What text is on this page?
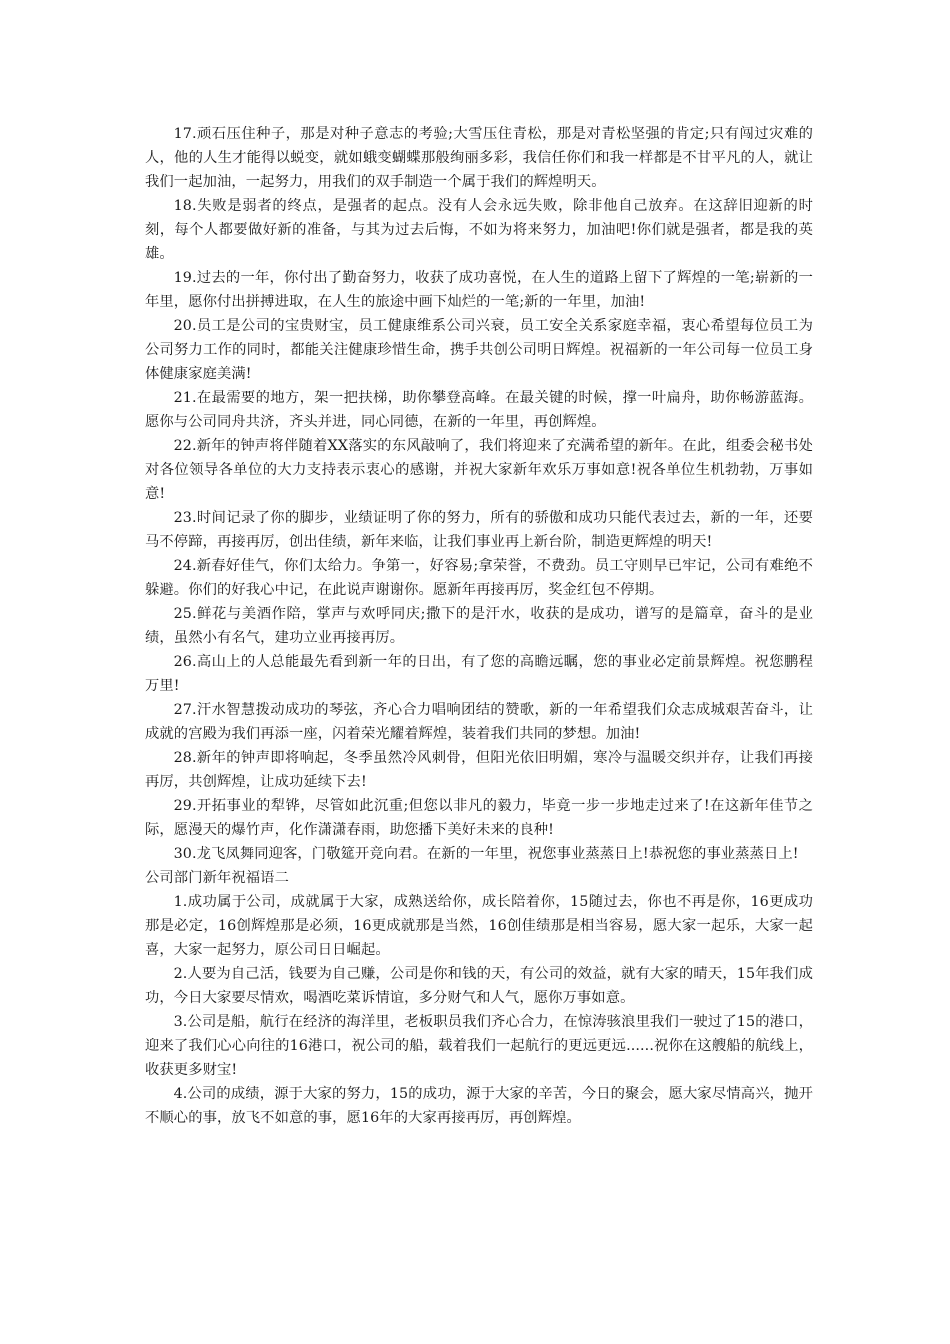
17.顽石压住种子，那是对种子意志的考验;大雪压住青松，那是对青松坚强的肯定;只有闯过灾难的人，他的人生才能得以蜕变，就如蛾变蝴蝶那般绚丽多彩，我信任你们和我一样都是不甘平凡的人，就让我们一起加油，一起努力，用我们的双手制造一个属于我们的辉煌明天。

18.失败是弱者的终点，是强者的起点。没有人会永远失败，除非他自己放弃。在这辞旧迎新的时刻，每个人都要做好新的准备，与其为过去后悔，不如为将来努力，加油吧!你们就是强者，都是我的英雄。

19.过去的一年，你付出了勤奋努力，收获了成功喜悦，在人生的道路上留下了辉煌的一笔;崭新的一年里，愿你付出拼搏进取，在人生的旅途中画下灿烂的一笔;新的一年里，加油!

20.员工是公司的宝贵财宝，员工健康维系公司兴衰，员工安全关系家庭幸福，衷心希望每位员工为公司努力工作的同时，都能关注健康珍惜生命，携手共创公司明日辉煌。祝福新的一年公司每一位员工身体健康家庭美满!

21.在最需要的地方，架一把扶梯，助你攀登高峰。在最关键的时候，撑一叶扁舟，助你畅游蓝海。愿你与公司同舟共济，齐头并进，同心同德，在新的一年里，再创辉煌。

22.新年的钟声将伴随着XX落实的东风敲响了，我们将迎来了充满希望的新年。在此，组委会秘书处对各位领导各单位的大力支持表示衷心的感谢，并祝大家新年欢乐万事如意!祝各单位生机勃勃，万事如意!

23.时间记录了你的脚步，业绩证明了你的努力，所有的骄傲和成功只能代表过去，新的一年，还要马不停蹄，再接再厉，创出佳绩，新年来临，让我们事业再上新台阶，制造更辉煌的明天!

24.新春好佳气，你们太给力。争第一，好容易;拿荣誉，不费劲。员工守则早已牢记，公司有难绝不躲避。你们的好我心中记，在此说声谢谢你。愿新年再接再厉，奖金红包不停期。

25.鲜花与美酒作陪，掌声与欢呼同庆;撒下的是汗水，收获的是成功，谱写的是篇章，奋斗的是业绩，虽然小有名气，建功立业再接再厉。

26.高山上的人总能最先看到新一年的日出，有了您的高瞻远瞩，您的事业必定前景辉煌。祝您鹏程万里!

27.汗水智慧拨动成功的琴弦，齐心合力唱响团结的赞歌，新的一年希望我们众志成城艰苦奋斗，让成就的宫殿为我们再添一座，闪着荣光耀着辉煌，装着我们共同的梦想。加油!

28.新年的钟声即将响起，冬季虽然冷风刺骨，但阳光依旧明媚，寒冷与温暖交织并存，让我们再接再厉，共创辉煌，让成功延续下去!

29.开拓事业的犁铧，尽管如此沉重;但您以非凡的毅力，毕竟一步一步地走过来了!在这新年佳节之际，愿漫天的爆竹声，化作潇潇春雨，助您播下美好未来的良种!

30.龙飞凤舞同迎客，门敬筵开竞向君。在新的一年里，祝您事业蒸蒸日上!恭祝您的事业蒸蒸日上!

公司部门新年祝福语二

1.成功属于公司，成就属于大家，成熟送给你，成长陪着你，15随过去，你也不再是你，16更成功那是必定，16创辉煌那是必须，16更成就那是当然，16创佳绩那是相当容易，愿大家一起乐，大家一起喜，大家一起努力，原公司日日崛起。

2.人要为自己活，钱要为自己赚，公司是你和钱的天，有公司的效益，就有大家的晴天，15年我们成功，今日大家要尽情欢，喝酒吃菜诉情谊，多分财气和人气，愿你万事如意。

3.公司是船，航行在经济的海洋里，老板职员我们齐心合力，在惊涛骇浪里我们一驶过了15的港口，迎来了我们心心向往的16港口，祝公司的船，载着我们一起航行的更远更远......祝你在这艘船的航线上，收获更多财宝!

4.公司的成绩，源于大家的努力，15的成功，源于大家的辛苦，今日的聚会，愿大家尽情高兴，抛开不顺心的事，放飞不如意的事，愿16年的大家再接再厉，再创辉煌。
